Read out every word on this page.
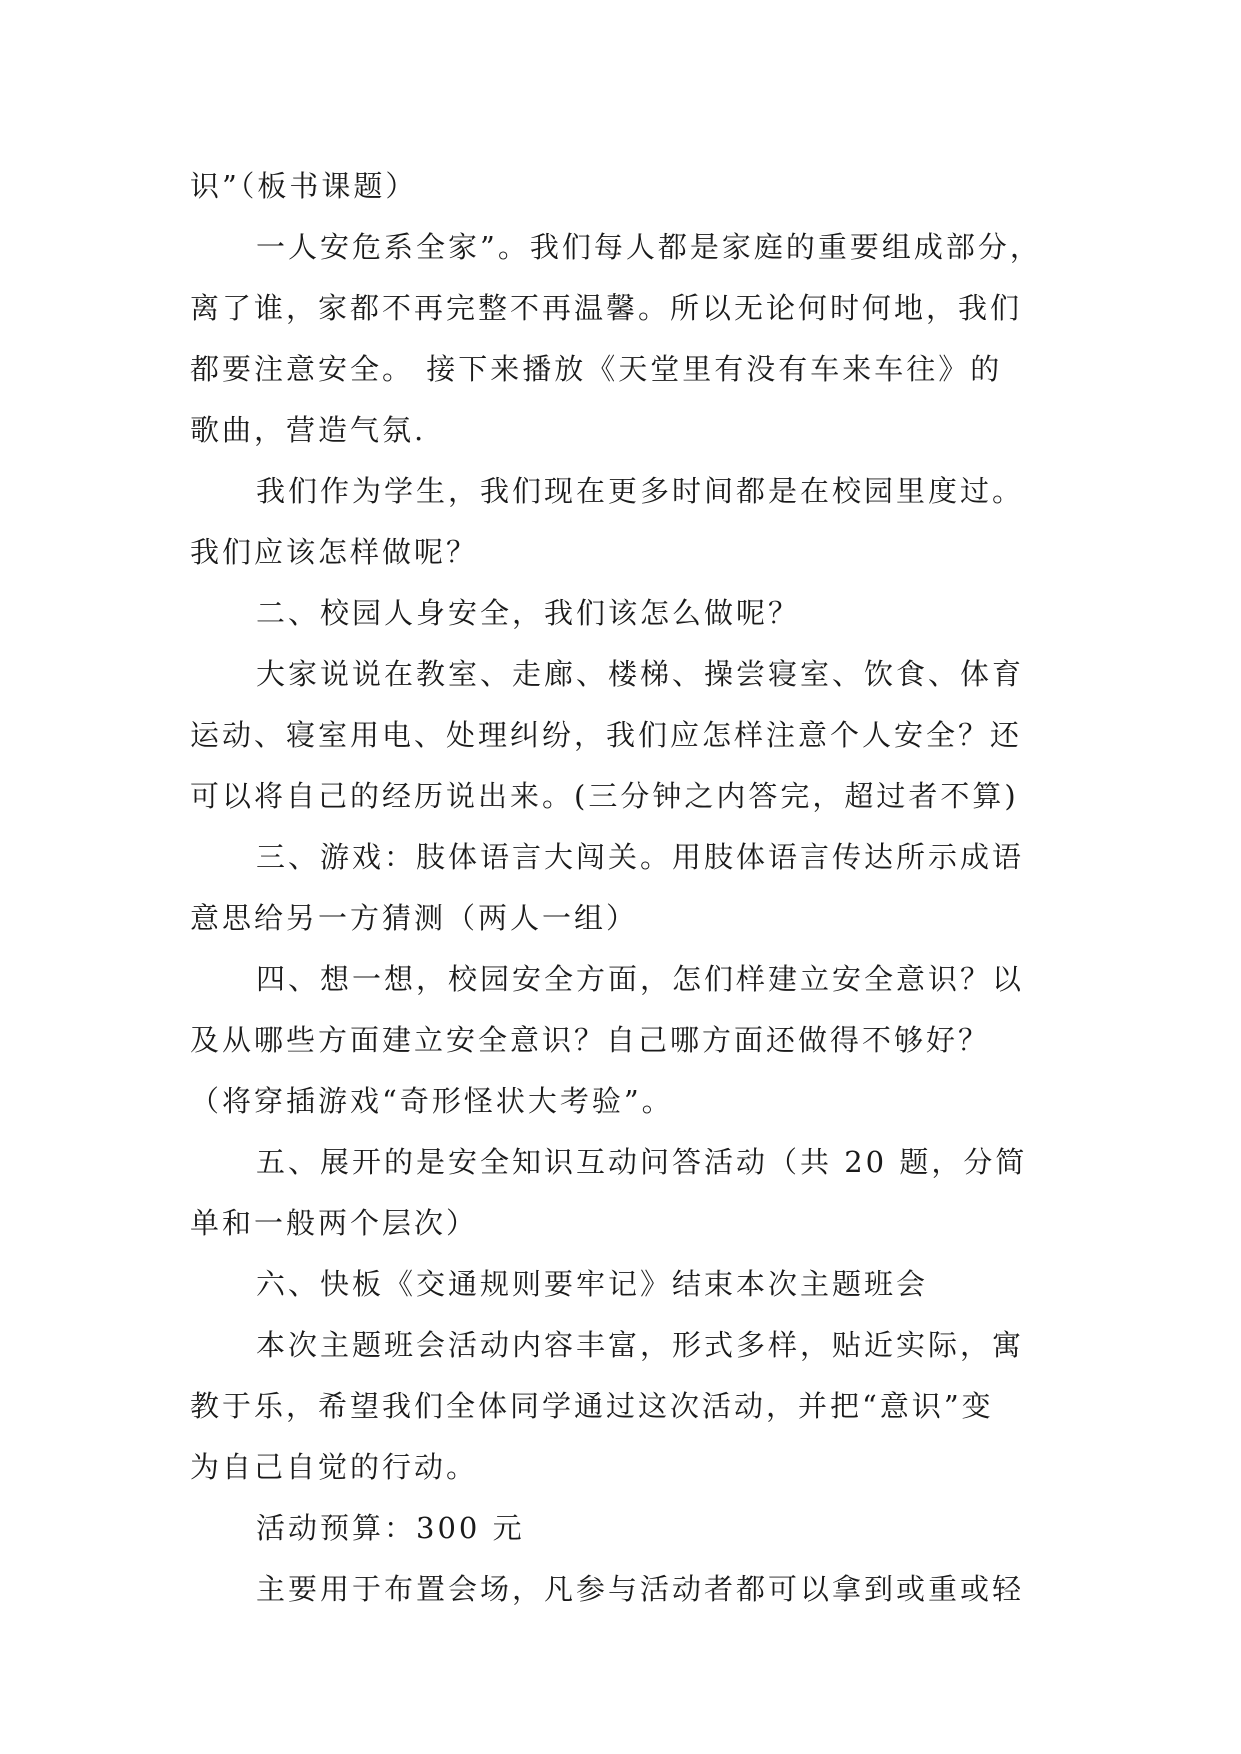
识”（板书课题）
一人安危系全家”。我们每人都是家庭的重要组成部分，
离了谁，家都不再完整不再温馨。所以无论何时何地，我们
都要注意安全。 接下来播放《天堂里有没有车来车往》的
歌曲，营造气氛.
我们作为学生，我们现在更多时间都是在校园里度过。
我们应该怎样做呢？
二、校园人身安全，我们该怎么做呢？
大家说说在教室、走廊、楼梯、操尝寝室、饮食、体育
运动、寝室用电、处理纠纷，我们应怎样注意个人安全？还
可以将自己的经历说出来。(三分钟之内答完，超过者不算)
三、游戏：肢体语言大闯关。用肢体语言传达所示成语
意思给另一方猜测（两人一组）
四、想一想，校园安全方面，怎们样建立安全意识？以
及从哪些方面建立安全意识？自己哪方面还做得不够好？
（将穿插游戏“奇形怪状大考验”。
五、展开的是安全知识互动问答活动（共 20 题，分简
单和一般两个层次）
六、快板《交通规则要牢记》结束本次主题班会
本次主题班会活动内容丰富，形式多样，贴近实际，寓
教于乐，希望我们全体同学通过这次活动，并把“意识”变
为自己自觉的行动。
活动预算：300 元
主要用于布置会场，凡参与活动者都可以拿到或重或轻
